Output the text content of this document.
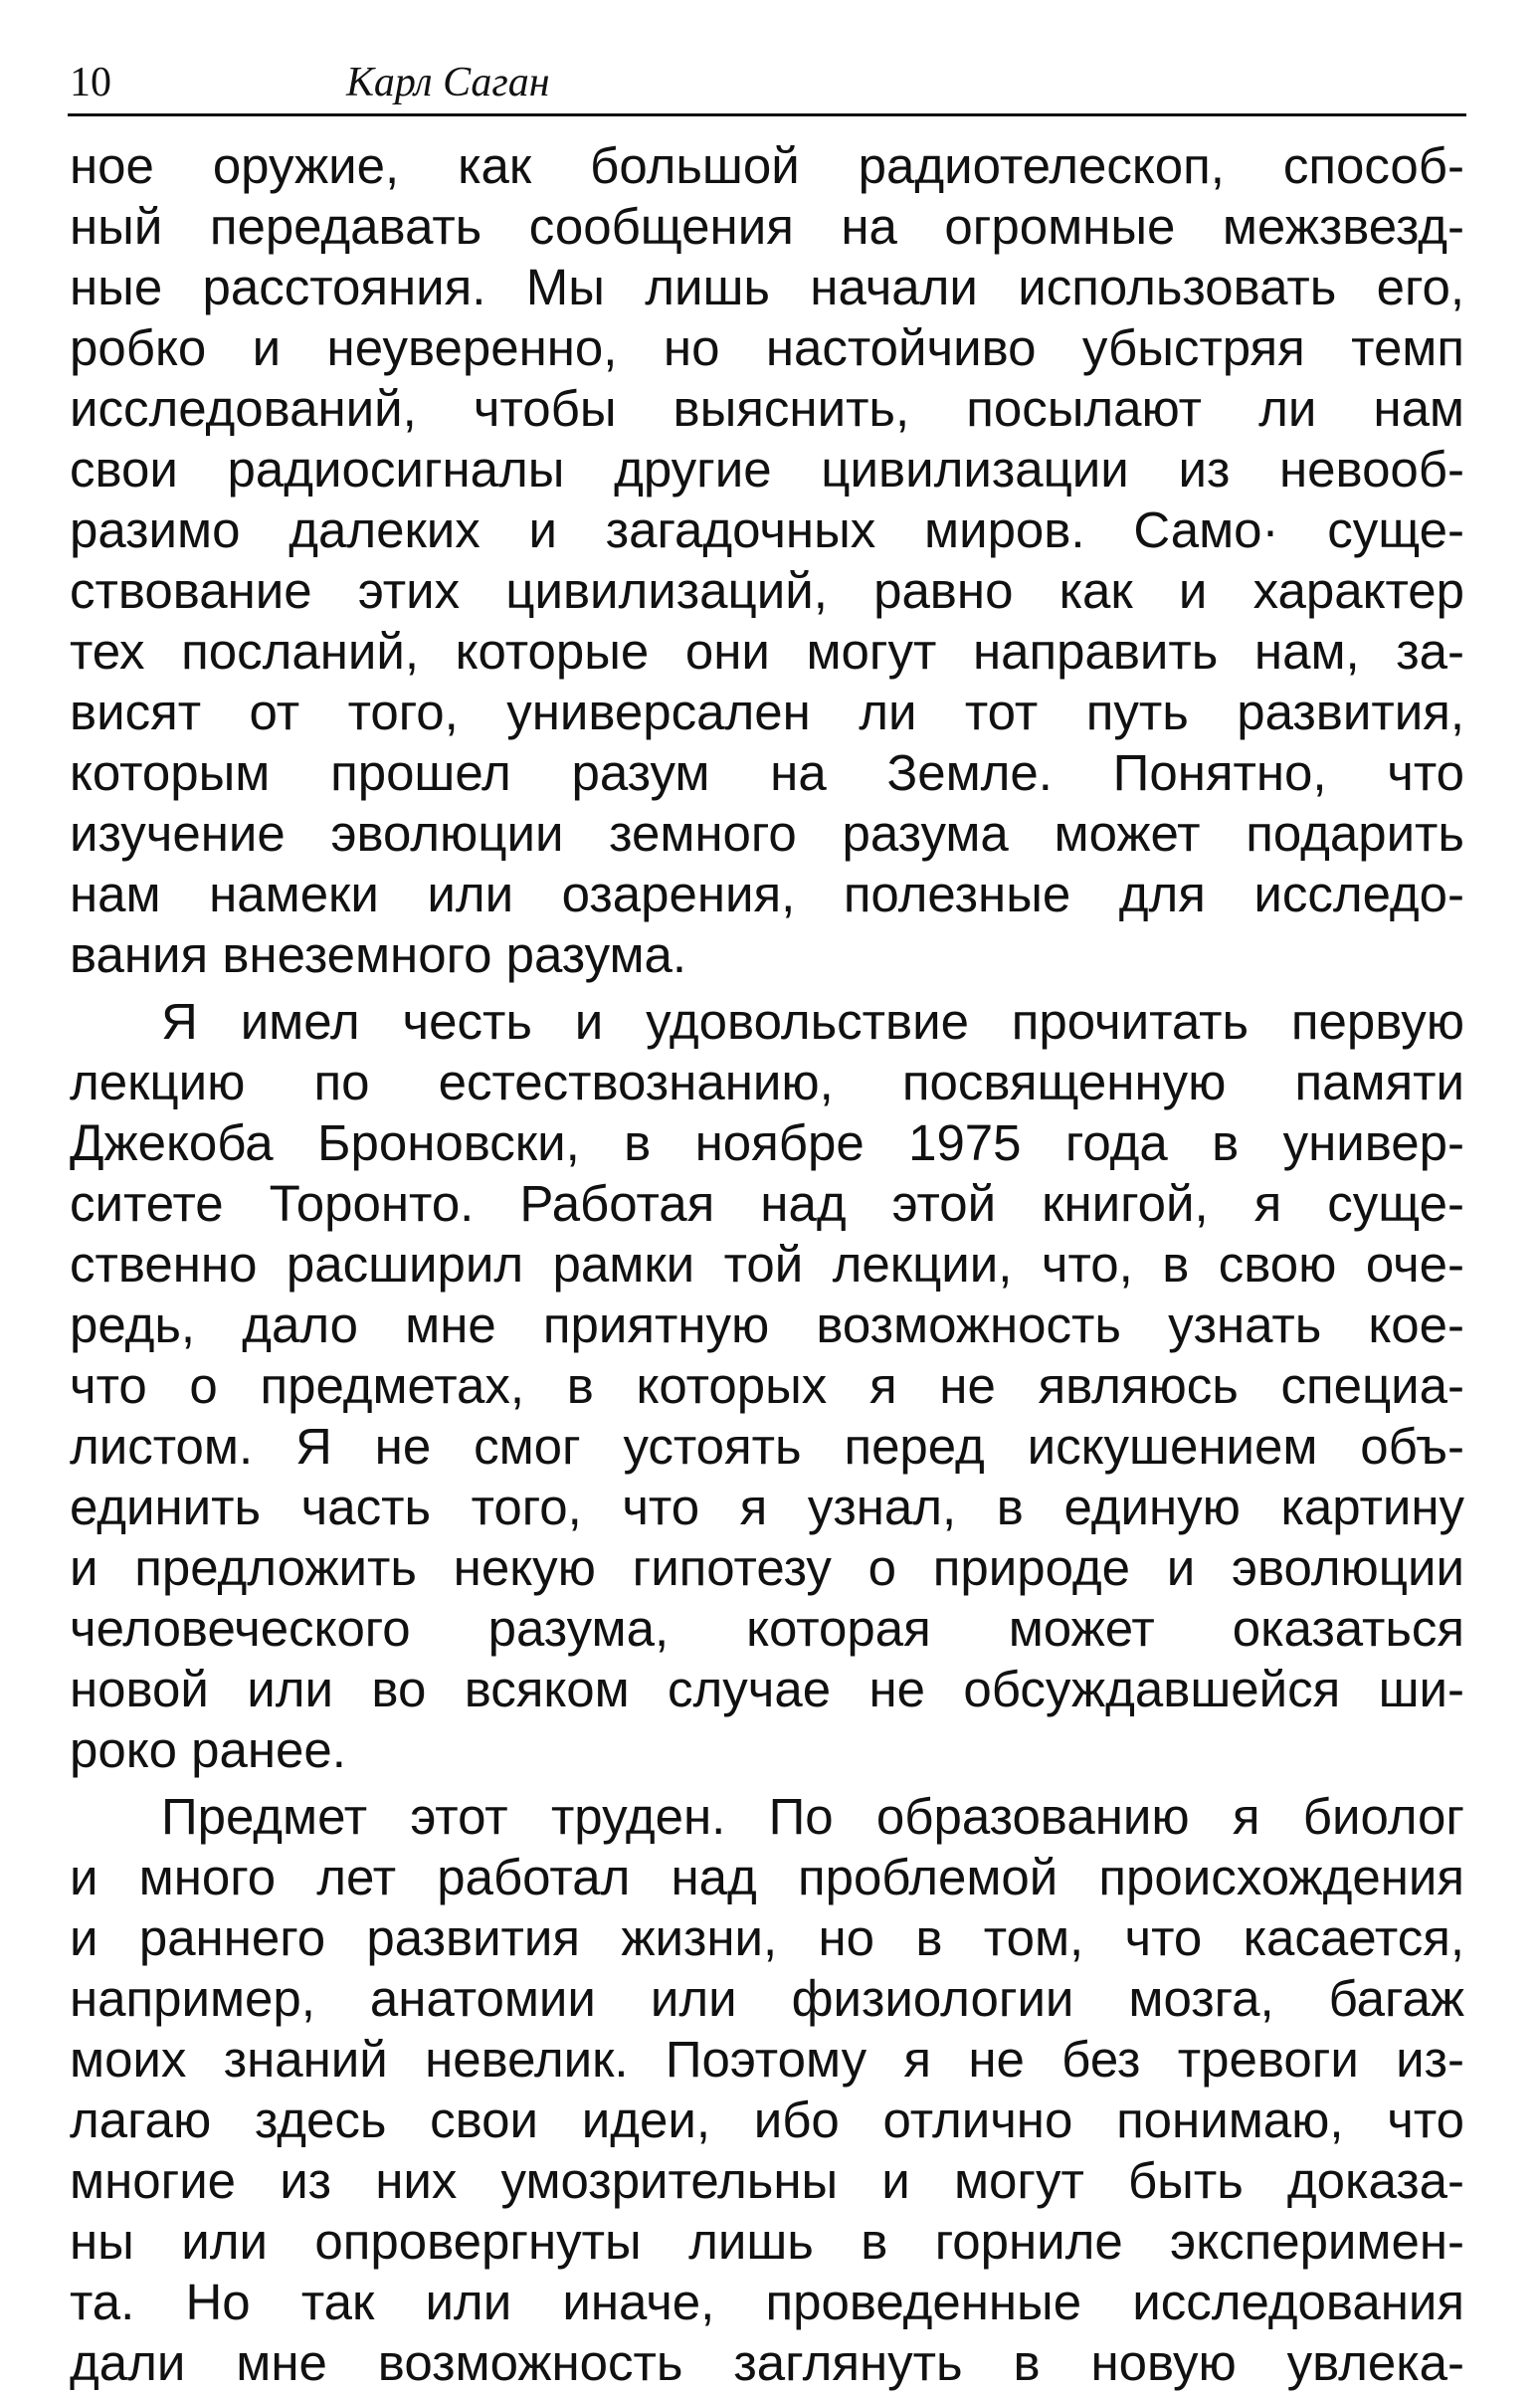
10	Карл Саган
ное оружие, как большой радиотелескоп, способ-
ный передавать сообщения на огромные межзвезд-
ные расстояния. Мы лишь начали использовать его,
робко и неуверенно, но настойчиво убыстряя темп
исследований, чтобы выяснить, посылают ли нам
свои радиосигналы другие цивилизации из невооб-
разимо далеких и загадочных миров. Само· суще-
ствование этих цивилизаций, равно как и характер
тех посланий, которые они могут направить нам, за-
висят от того, универсален ли тот путь развития,
которым прошел разум на Земле. Понятно, что
изучение эволюции земного разума может подарить
нам намеки или озарения, полезные для исследо-
вания внеземного разума.
Я имел честь и удовольствие прочитать первую
лекцию по естествознанию, посвященную памяти
Джекоба Броновски, в ноябре 1975 года в универ-
ситете Торонто. Работая над этой книгой, я суще-
ственно расширил рамки той лекции, что, в свою оче-
редь, дало мне приятную возможность узнать кое-
что о предметах, в которых я не являюсь специа-
листом. Я не смог устоять перед искушением объ-
единить часть того, что я узнал, в единую картину
и предложить некую гипотезу о природе и эволюции
человеческого разума, которая может оказаться
новой или во всяком случае не обсуждавшейся ши-
роко ранее.
Предмет этот труден. По образованию я биолог
и много лет работал над проблемой происхождения
и раннего развития жизни, но в том, что касается,
например, анатомии или физиологии мозга, багаж
моих знаний невелик. Поэтому я не без тревоги из-
лагаю здесь свои идеи, ибо отлично понимаю, что
многие из них умозрительны и могут быть доказа-
ны или опровергнуты лишь в горниле эксперимен-
та. Но так или иначе, проведенные исследования
дали мне возможность заглянуть в новую увлека-
